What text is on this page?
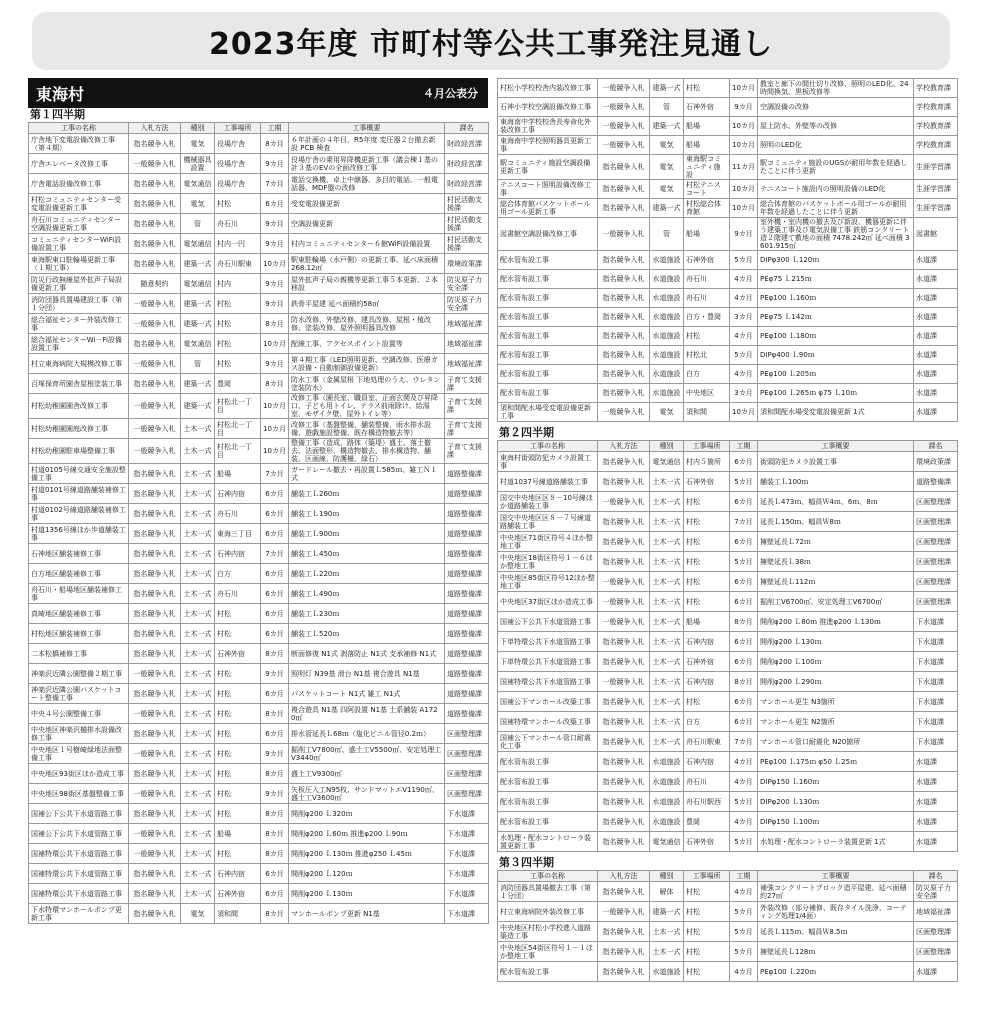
2023年度 市町村等公共工事発注見通し
東海村	４月公表分
第１四半期
工事の名称	入札方法	種別	工事場所	工期	工事概要	課名
庁舎地下変電設備改修工事（第４期）	指名競争入札	電気	役場庁舎	8カ月	６年計画の４年目、R5年度 変圧器２台撤去新設 PCB 検査	財政経営課
庁舎エレベータ改修工事	一般競争入札	機械器具設置	役場庁舎	9カ月	役場庁舎の乗用昇降機更新工事（議会棟１基の計３基のEVの全面改修工事	財政経営課
庁舎電話設備改修工事	指名競争入札	電気通信	役場庁舎	7カ月	電話交換機、卓上中継器、多目的電話、一般電話器、MDF盤の改修	財政経営課
村松コミュニティセンター受変電設備更新工事	指名競争入札	電気	村松	6カ月	受変電設備更新	村民活動支援課
舟石川コミュニティセンター空調設備更新工事	指名競争入札	管	舟石川	9カ月	空調設備更新	村民活動支援課
コミュニティセンターWiFi設備設置工事	指名競争入札	電気通信	村内一円	9カ月	村内コミュニティセンター６館WiFi設備設置	村民活動支援課
東海駅東口駐輪場更新工事（１期工事）	指名競争入札	建築一式	舟石川駅東	10カ月	駅東駐輪場（水戸側）の更新工事、延べ床面積 268.12㎡	環境政策課
防災行政無線屋外拡声子局設備更新工事	随意契約	電気通信	村内	9カ月	屋外拡声子局の親機等更新工事５本更新、２本移設	防災原子力安全課
消防団器具置場建設工事（第１分団）	一般競争入札	建築一式	村松	9カ月	鉄骨平屋建 延べ面積約58㎡	防災原子力安全課
総合福祉センター外装改修工事	一般競争入札	建築一式	村松	8カ月	防水改修、外壁改修、建具改修、屋根・植改修、塗装改修、屋外照明器具改修	地域福祉課
総合福祉センターWi－Fi設備設置工事	指名競争入札	電気通信	村松	10カ月	配線工事、アクセスポイント設置等	地域福祉課
村立東海病院大規模改修工事	一般競争入札	管	村松	9カ月	第４期工事（LED照明更新、空調改修、医療ガス設備・自動制御設備更新）	地域福祉課
百塚保育所園舎屋根塗装工事	指名競争入札	建築一式	豊岡	8カ月	防水工事（金属屋根 下地処理のうえ、ウレタン塗装防水）	子育て支援課
村松幼稚園園舎改修工事	一般競争入札	建築一式	村松北一丁目	10カ月	改修工事（園長室、職員室、正面玄関及び昇降口、子ども用トイレ、テラス前雨除け、給湯室、モザイク壁、屋外トイレ等）	子育て支援課
村松幼稚園園庭改修工事	一般競争入札	土木一式	村松北一丁目	10カ月	改修工事（基盤整備、舗装整備、雨水排水設備、遊戯施設整備、既存構造物撤去等）	子育て支援課
村松幼稚園駐車場整備工事	一般競争入札	土木一式	村松北一丁目	10カ月	整備工事（造成、路体（築堤）盛土、落土撤去、法面整形、構造物撤去、排水構造物、舗装、区画線、防護柵、緑石）	子育て支援課
村道0105号線交通安全施設整備工事	指名競争入札	土木一式	船場	7カ月	ガードレール撤去・再設置Ｌ585ｍ、雑工Ｎ１式	道路整備課
村道0101号線道路舗装補修工事	指名競争入札	土木一式	石神内宿	6カ月	舗装工Ｌ260ｍ	道路整備課
村道0102号線道路舗装補修工事	指名競争入札	土木一式	舟石川	6カ月	舗装工Ｌ190ｍ	道路整備課
村道1356号線ほか歩道舗装工事	指名競争入札	土木一式	東海三丁目	6カ月	舗装工Ｌ900ｍ	道路整備課
石神地区舗装補修工事	指名競争入札	土木一式	石神内宿	7カ月	舗装工Ｌ450ｍ	道路整備課
白方地区舗装補修工事	指名競争入札	土木一式	白方	6カ月	舗装工Ｌ220ｍ	道路整備課
舟石川・船場地区舗装補修工事	指名競争入札	土木一式	舟石川	6カ月	舗装工Ｌ490ｍ	道路整備課
真崎地区舗装補修工事	指名競争入札	土木一式	村松	6カ月	舗装工Ｌ230ｍ	道路整備課
村松地区舗装補修工事	指名競争入札	土木一式	村松	6カ月	舗装工Ｌ520ｍ	道路整備課
二本松橋補修工事	指名競争入札	土木一式	石神外宿	8カ月	断面修復 N1式 剥落防止 N1式 支承補修 N1式	道路整備課
神楽沢近隣公園整備２期工事	一般競争入札	土木一式	村松	9カ月	照明灯 N39基 滑台 N1基 複合遊具 N1基	道路整備課
神楽沢近隣公園バスケットコート整備工事	指名競争入札	土木一式	村松	6カ月	バスケットコート N1式 雑工 N1式	道路整備課
中央４号公園整備工事	一般競争入札	土木一式	村松	8カ月	複合遊具 N1基 四阿設置 N1基 土系舗装 A1720㎡	道路整備課
中央地区神楽沢樋排水設備改修工事	指名競争入札	土木一式	村松	6カ月	排水管延長Ｌ68ｍ（塩化ビニル管径0.2ｍ）	区画整理課
中央地区１号樹崎緑地法面整備工事	一般競争入札	土木一式	村松	9カ月	掘削工V7800㎥、盛土工V5500㎥、安定処理工V3440㎥	区画整理課
中央地区93街区ほか造成工事	指名競争入札	土木一式	村松	8カ月	盛土工V9300㎥	区画整理課
中央地区98街区基盤整備工事	一般競争入札	土木一式	村松	9カ月	矢板圧入工N95枚、サンドマットエV1190㎥、盛土工V3600㎥	区画整理課
国補公下公共下水道管路工事	指名競争入札	土木一式	村松	8カ月	開削φ200 Ｌ320ｍ	下水道課
国補公下公共下水道管路工事	一般競争入札	土木一式	船場	8カ月	開削φ200 Ｌ60ｍ 推進φ200 Ｌ90ｍ	下水道課
国補特環公共下水道管路工事	一般競争入札	土木一式	村松	8カ月	開削φ200 Ｌ130ｍ 推進φ250 Ｌ45ｍ	下水道課
国補特環公共下水道管路工事	指名競争入札	土木一式	石神内宿	6カ月	開削φ200 Ｌ120ｍ	下水道課
国補特環公共下水道管路工事	指名競争入札	土木一式	石神外宿	6カ月	開削φ200 Ｌ130ｍ	下水道課
下水特環マンホールポンプ更新工事	指名競争入札	電気	須和間	8カ月	マンホールポンプ更新 N1基	下水道課
村松小学校校舎内装改修工事	一般競争入札	建築一式	村松	10カ月	教室と廊下の間仕切り改修、照明のLED化、24時間換気、黒板改修等	学校教育課
石神小学校空調設備改修工事	一般競争入札	管	石神外宿	9カ月	空調設備の改修	学校教育課
東海南中学校校舎長寿命化外装改修工事	一般競争入札	建築一式	船場	10カ月	屋上防水、外壁等の改修	学校教育課
東海南中学校照明器具更新工事	一般競争入札	電気	船場	10カ月	照明のLED化	学校教育課
駅コミュニティ施設空調設備更新工事	指名競争入札	電気	東海駅コミュニティ施設	11カ月	駅コミュニティ施設のUGSが耐用年数を経過したことに伴う更新	生涯学習課
テニスコート照明設備改修工事	指名競争入札	電気	村松テニスコート	10カ月	テニスコート施設内の照明設備のLED化	生涯学習課
総合体育館バスケットボール用ゴール更新工事	指名競争入札	建築一式	村松総合体育館	10カ月	総合体育館のバスケットボール用ゴールが耐用年数を経過したことに伴う更新	生涯学習課
図書館空調設備改修工事	一般競争入札	管	船場	9カ月	室外機・室内機の撤去及び新設、機器更新に伴う建築工事及び電気設備工事 鉄筋コンクリート造２階建て敷地の面積 7478.242㎡ 延べ面積 3601.915㎡	図書館
配水管布設工事	指名競争入札	水道施設	石神外宿	5カ月	DIPφ300 Ｌ120ｍ	水道課
配水管布設工事	指名競争入札	水道施設	舟石川	4カ月	PEφ75 Ｌ215ｍ	水道課
配水管布設工事	指名競争入札	水道施設	舟石川	4カ月	PEφ100 Ｌ160ｍ	水道課
配水管布設工事	指名競争入札	水道施設	白方・豊岡	3カ月	PEφ75 Ｌ142ｍ	水道課
配水管布設工事	指名競争入札	水道施設	村松	4カ月	PEφ100 Ｌ180ｍ	水道課
配水管布設工事	指名競争入札	水道施設	村松北	5カ月	DIPφ400 Ｌ90ｍ	水道課
配水管布設工事	指名競争入札	水道施設	白方	4カ月	PEφ100 Ｌ205ｍ	水道課
配水管布設工事	指名競争入札	水道施設	中央地区	3カ月	PEφ100 Ｌ265ｍ φ75 Ｌ10ｍ	水道課
須和間配水場受変電設備更新工事	一般競争入札	電気	須和間	10カ月	須和間配水場受変電設備更新 1式	水道課
第２四半期
工事の名称	入札方法	種別	工事場所	工期	工事概要	課名
東海村街頭防犯カメラ設置工事	指名競争入札	電気通信	村内５箇所	6カ月	街頭防犯カメラ設置工事	環境政策課
村道1037号線道路舗装工事	指名競争入札	土木一式	石神外宿	5カ月	舗装工Ｌ100ｍ	道路整備課
国交中央地区区８－10号線ほか道路舗装工事	一般競争入札	土木一式	村松	6カ月	延長Ｌ473ｍ、幅員Ｗ4ｍ、6ｍ、8ｍ	区画整理課
国交中央地区区８－７号線道路舗装工事	指名競争入札	土木一式	村松	7カ月	延長Ｌ150ｍ、幅員Ｗ8ｍ	区画整理課
中央地区71街区符号４ほか整地工事	指名競争入札	土木一式	村松	6カ月	擁壁延長Ｌ72ｍ	区画整理課
中央地区18街区符号１－６ほか整地工事	指名競争入札	土木一式	村松	5カ月	擁壁延長Ｌ38ｍ	区画整理課
中央地区85街区符号12ほか整地工事	一般競争入札	土木一式	村松	6カ月	擁壁延長Ｌ112ｍ	区画整理課
中央地区37街区ほか造成工事	一般競争入札	土木一式	村松	6カ月	掘削工V6700㎥、安定処理工V6700㎥	区画整理課
国補公下公共下水道管路工事	一般競争入札	土木一式	船場	8カ月	開削φ200 Ｌ80ｍ 推進φ200 Ｌ130ｍ	下水道課
下単特環公共下水道管路工事	指名競争入札	土木一式	石神内宿	6カ月	開削φ200 Ｌ130ｍ	下水道課
下単特環公共下水道管路工事	指名競争入札	土木一式	石神外宿	6カ月	開削φ200 Ｌ100ｍ	下水道課
国補特環公共下水道管路工事	一般競争入札	土木一式	石神内宿	8カ月	開削φ200 Ｌ290ｍ	下水道課
国補公下マンホール改築工事	指名競争入札	土木一式	村松	6カ月	マンホール更生 N3箇所	下水道課
国補特環マンホール改築工事	指名競争入札	土木一式	白方	6カ月	マンホール更生 N2箇所	下水道課
国補公下マンホール管口耐震化工事	指名競争入札	土木一式	舟石川駅東	7カ月	マンホール管口耐震化 N20箇所	下水道課
配水管布設工事	指名競争入札	水道施設	石神内宿	4カ月	PEφ100 Ｌ175ｍ φ50 Ｌ25ｍ	水道課
配水管布設工事	指名競争入札	水道施設	舟石川	4カ月	DIPφ150 Ｌ160ｍ	水道課
配水管布設工事	指名競争入札	水道施設	舟石川駅西	5カ月	DIPφ200 Ｌ130ｍ	水道課
配水管布設工事	指名競争入札	水道施設	豊岡	4カ月	DIPφ150 Ｌ100ｍ	水道課
水処理・配水コントローラ装置更新工事	指名競争入札	電気通信	石神外宿	5カ月	水処理・配水コントローラ装置更新 1式	水道課
第３四半期
工事の名称	入札方法	種別	工事場所	工期	工事概要	課名
消防団器具置場撤去工事（第１分団）	指名競争入札	解体	村松	4カ月	補強コンクリートブロック造平屋建、延べ面積約27㎡	防災原子力安全課
村立東海病院外装改修工事	一般競争入札	建築一式	村松	5カ月	外装改修（部分補修、既存タイル洗浄、コーティング処理1/4面）	地域福祉課
中央地区村松小学校進入道路築造工事	指名競争入札	土木一式	村松	5カ月	延長Ｌ115ｍ、幅員Ｗ8.5ｍ	区画整理課
中央地区54街区符号１－１ほか整地工事	指名競争入札	土木一式	村松	5カ月	擁壁延長Ｌ128ｍ	区画整理課
配水管布設工事	指名競争入札	水道施設	村松	4カ月	PEφ100 Ｌ220ｍ	水道課
